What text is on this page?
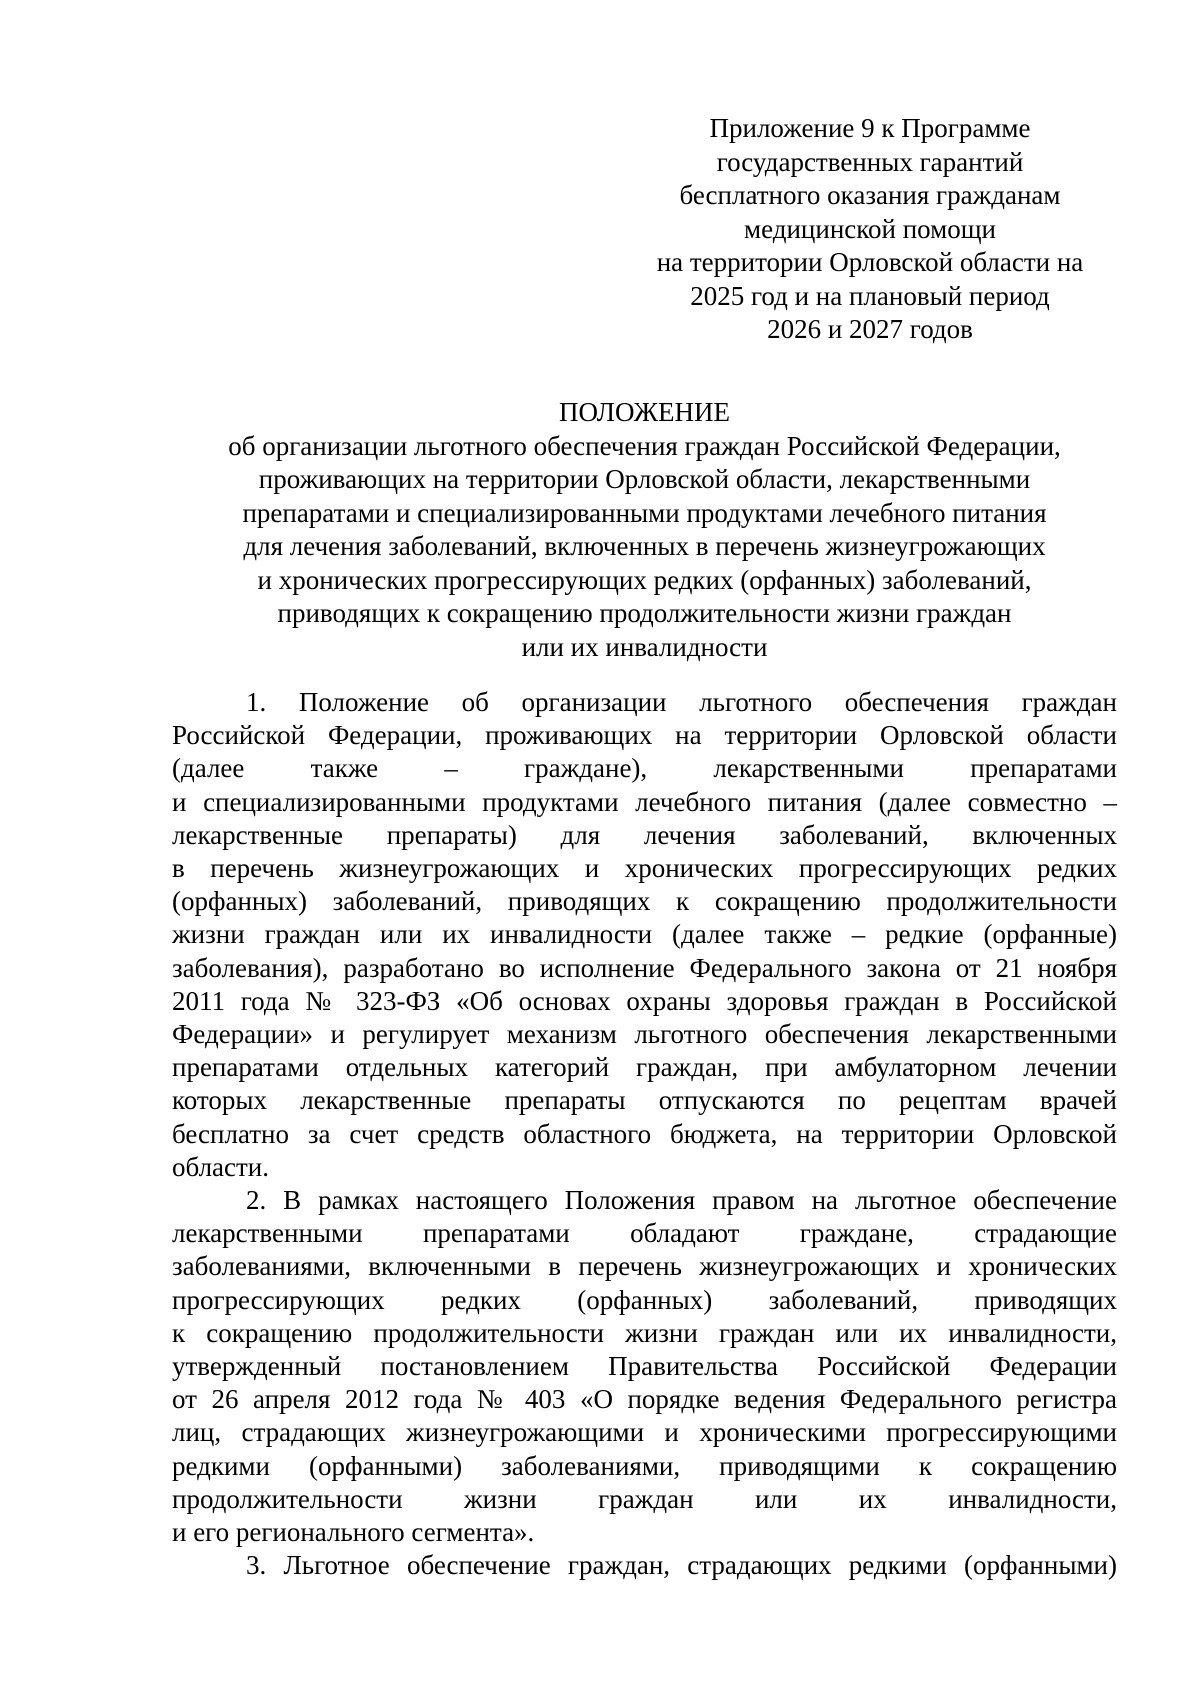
Приложение 9 к Программе
государственных гарантий
бесплатного оказания гражданам
медицинской помощи
на территории Орловской области на
2025 год и на плановый период
2026 и 2027 годов
ПОЛОЖЕНИЕ
об организации льготного обеспечения граждан Российской Федерации,
проживающих на территории Орловской области, лекарственными
препаратами и специализированными продуктами лечебного питания
для лечения заболеваний, включенных в перечень жизнеугрожающих
и хронических прогрессирующих редких (орфанных) заболеваний,
приводящих к сокращению продолжительности жизни граждан
или их инвалидности
1. Положение об организации льготного обеспечения граждан
Российской Федерации, проживающих на территории Орловской области
(далее также – граждане), лекарственными препаратами
и специализированными продуктами лечебного питания (далее совместно –
лекарственные препараты) для лечения заболеваний, включенных
в перечень жизнеугрожающих и хронических прогрессирующих редких
(орфанных) заболеваний, приводящих к сокращению продолжительности
жизни граждан или их инвалидности (далее также – редкие (орфанные)
заболевания), разработано во исполнение Федерального закона от 21 ноября
2011 года № 323-ФЗ «Об основах охраны здоровья граждан в Российской
Федерации» и регулирует механизм льготного обеспечения лекарственными
препаратами отдельных категорий граждан, при амбулаторном лечении
которых лекарственные препараты отпускаются по рецептам врачей
бесплатно за счет средств областного бюджета, на территории Орловской
области.
2. В рамках настоящего Положения правом на льготное обеспечение
лекарственными препаратами обладают граждане, страдающие
заболеваниями, включенными в перечень жизнеугрожающих и хронических
прогрессирующих редких (орфанных) заболеваний, приводящих
к сокращению продолжительности жизни граждан или их инвалидности,
утвержденный постановлением Правительства Российской Федерации
от 26 апреля 2012 года № 403 «О порядке ведения Федерального регистра
лиц, страдающих жизнеугрожающими и хроническими прогрессирующими
редкими (орфанными) заболеваниями, приводящими к сокращению
продолжительности жизни граждан или их инвалидности,
и его регионального сегмента».
3. Льготное обеспечение граждан, страдающих редкими (орфанными)
